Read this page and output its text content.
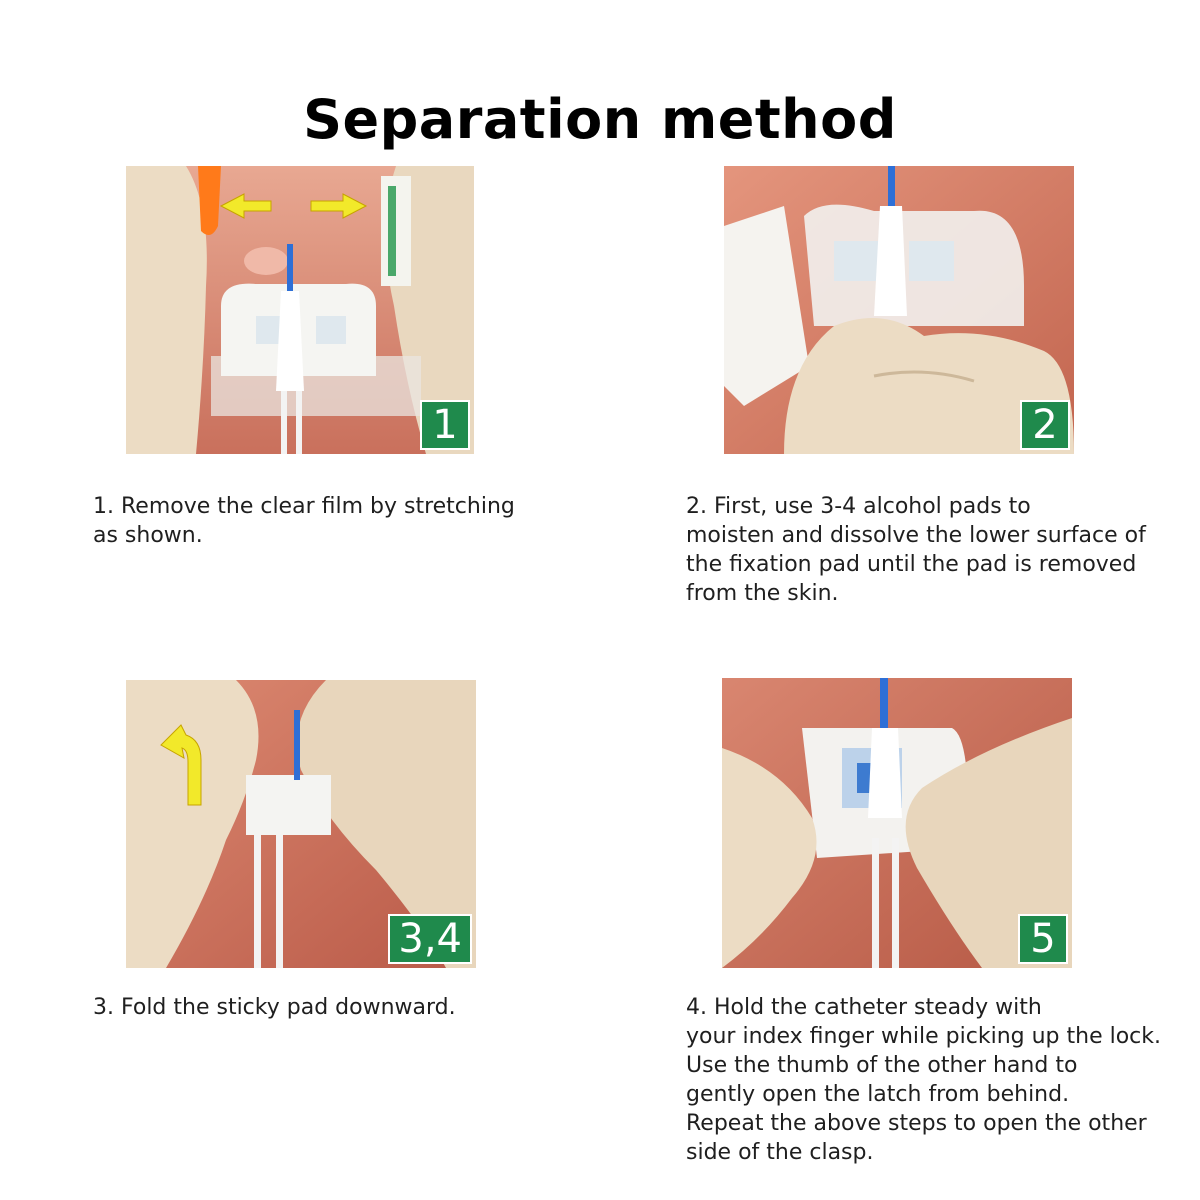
Separation method
1	2
3,4	5

1. Remove the clear film by stretching
as shown.

2. First, use 3-4 alcohol pads to
moisten and dissolve the lower surface of
the fixation pad until the pad is removed
from the skin.

3. Fold the sticky pad downward.	4. Hold the catheter steady with
your index finger while picking up the lock.
Use the thumb of the other hand to
gently open the latch from behind.
Repeat the above steps to open the other
side of the clasp.
